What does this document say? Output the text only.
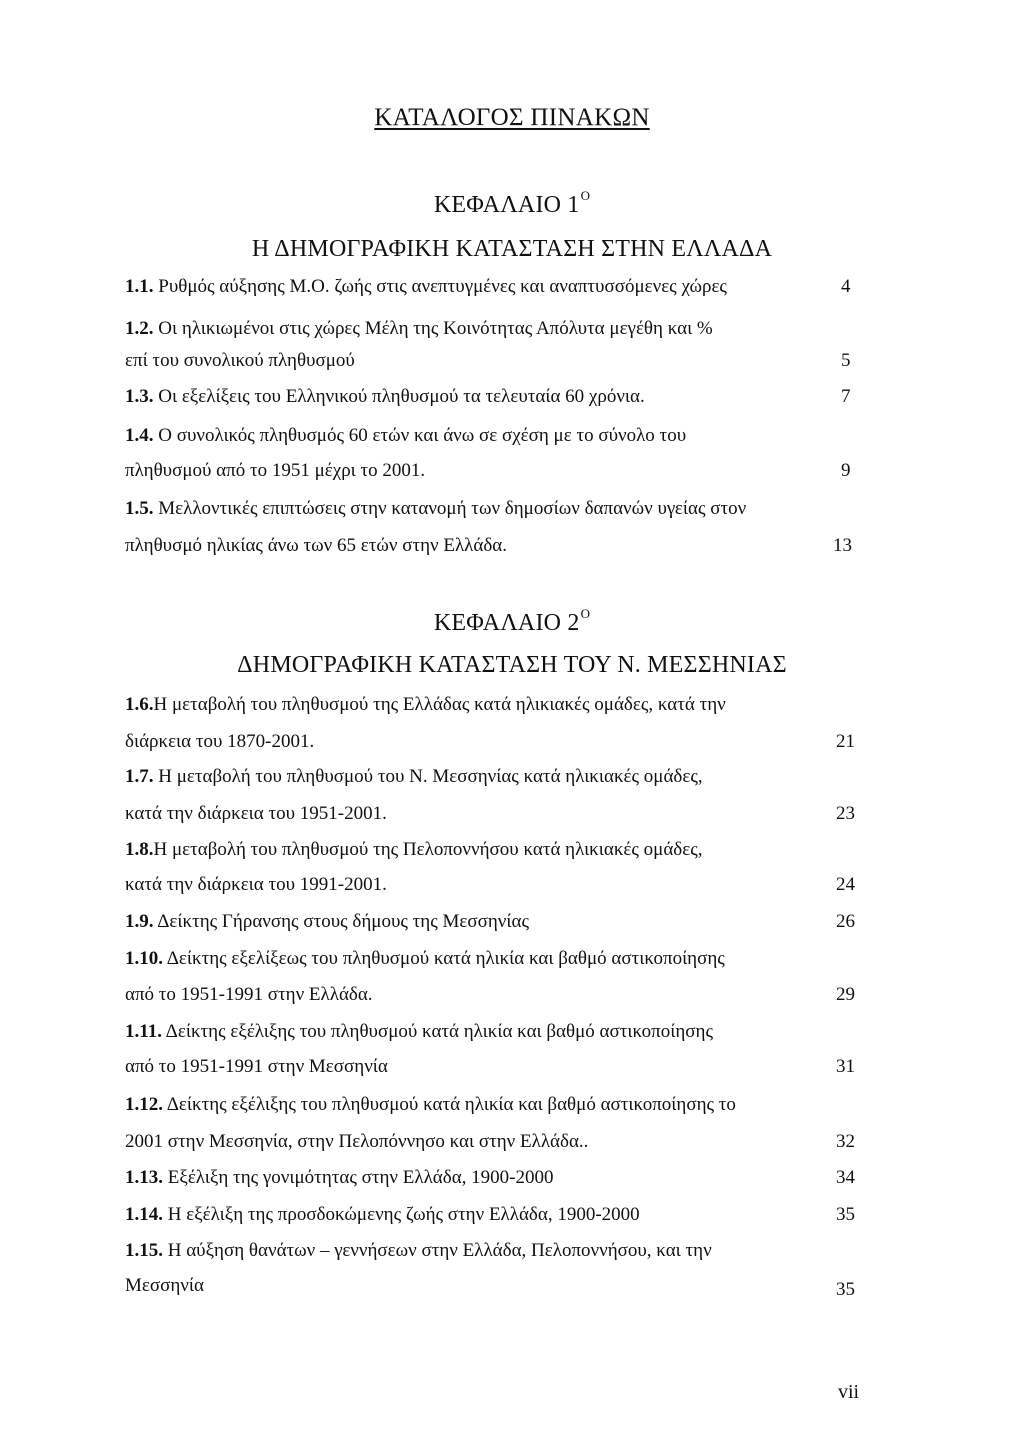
ΚΑΤΑΛΟΓΟΣ ΠΙΝΑΚΩΝ
ΚΕΦΑΛΑΙΟ $1^O$
Η ΔΗΜΟΓΡΑΦΙΚΗ ΚΑΤΑΣΤΑΣΗ ΣΤΗΝ ΕΛΛΑΔΑ
1.1. Ρυθμός αύξησης Μ.Ο. ζωής στις ανεπτυγμένες και αναπτυσσόμενες χώρες	4
1.2. Οι ηλικιωμένοι στις χώρες Μέλη της Κοινότητας Απόλυτα μεγέθη και %
επί του συνολικού πληθυσμού	5
1.3. Οι εξελίξεις του Ελληνικού πληθυσμού τα τελευταία 60 χρόνια.	7
1.4. Ο συνολικός πληθυσμός 60 ετών και άνω σε σχέση με το σύνολο του
πληθυσμού από το 1951 μέχρι το 2001.	9
1.5. Μελλοντικές επιπτώσεις στην κατανομή των δημοσίων δαπανών υγείας στον
πληθυσμό ηλικίας άνω των 65 ετών στην Ελλάδα.	13
ΚΕΦΑΛΑΙΟ $2^O$
ΔΗΜΟΓΡΑΦΙΚΗ ΚΑΤΑΣΤΑΣΗ ΤΟΥ Ν. ΜΕΣΣΗΝΙΑΣ
1.6.Η μεταβολή του πληθυσμού της Ελλάδας κατά ηλικιακές ομάδες, κατά την
διάρκεια του 1870-2001.	21
1.7. Η μεταβολή του πληθυσμού του Ν. Μεσσηνίας κατά ηλικιακές ομάδες,
κατά την διάρκεια του 1951-2001.	23
1.8.Η μεταβολή του πληθυσμού της Πελοποννήσου κατά ηλικιακές ομάδες,
κατά την διάρκεια του 1991-2001.	24
1.9. Δείκτης Γήρανσης στους δήμους της Μεσσηνίας	26
1.10. Δείκτης εξελίξεως του πληθυσμού κατά ηλικία και βαθμό αστικοποίησης
από το 1951-1991 στην Ελλάδα.	29
1.11. Δείκτης εξέλιξης του πληθυσμού κατά ηλικία και βαθμό αστικοποίησης
από το 1951-1991 στην Μεσσηνία	31
1.12. Δείκτης εξέλιξης του πληθυσμού κατά ηλικία και βαθμό αστικοποίησης το
2001 στην Μεσσηνία, στην Πελοπόννησο και στην Ελλάδα..	32
1.13. Εξέλιξη της γονιμότητας στην Ελλάδα, 1900-2000	34
1.14. Η εξέλιξη της προσδοκώμενης ζωής στην Ελλάδα, 1900-2000	35
1.15. Η αύξηση θανάτων – γεννήσεων στην Ελλάδα, Πελοποννήσου, και την
Μεσσηνία	35
vii
